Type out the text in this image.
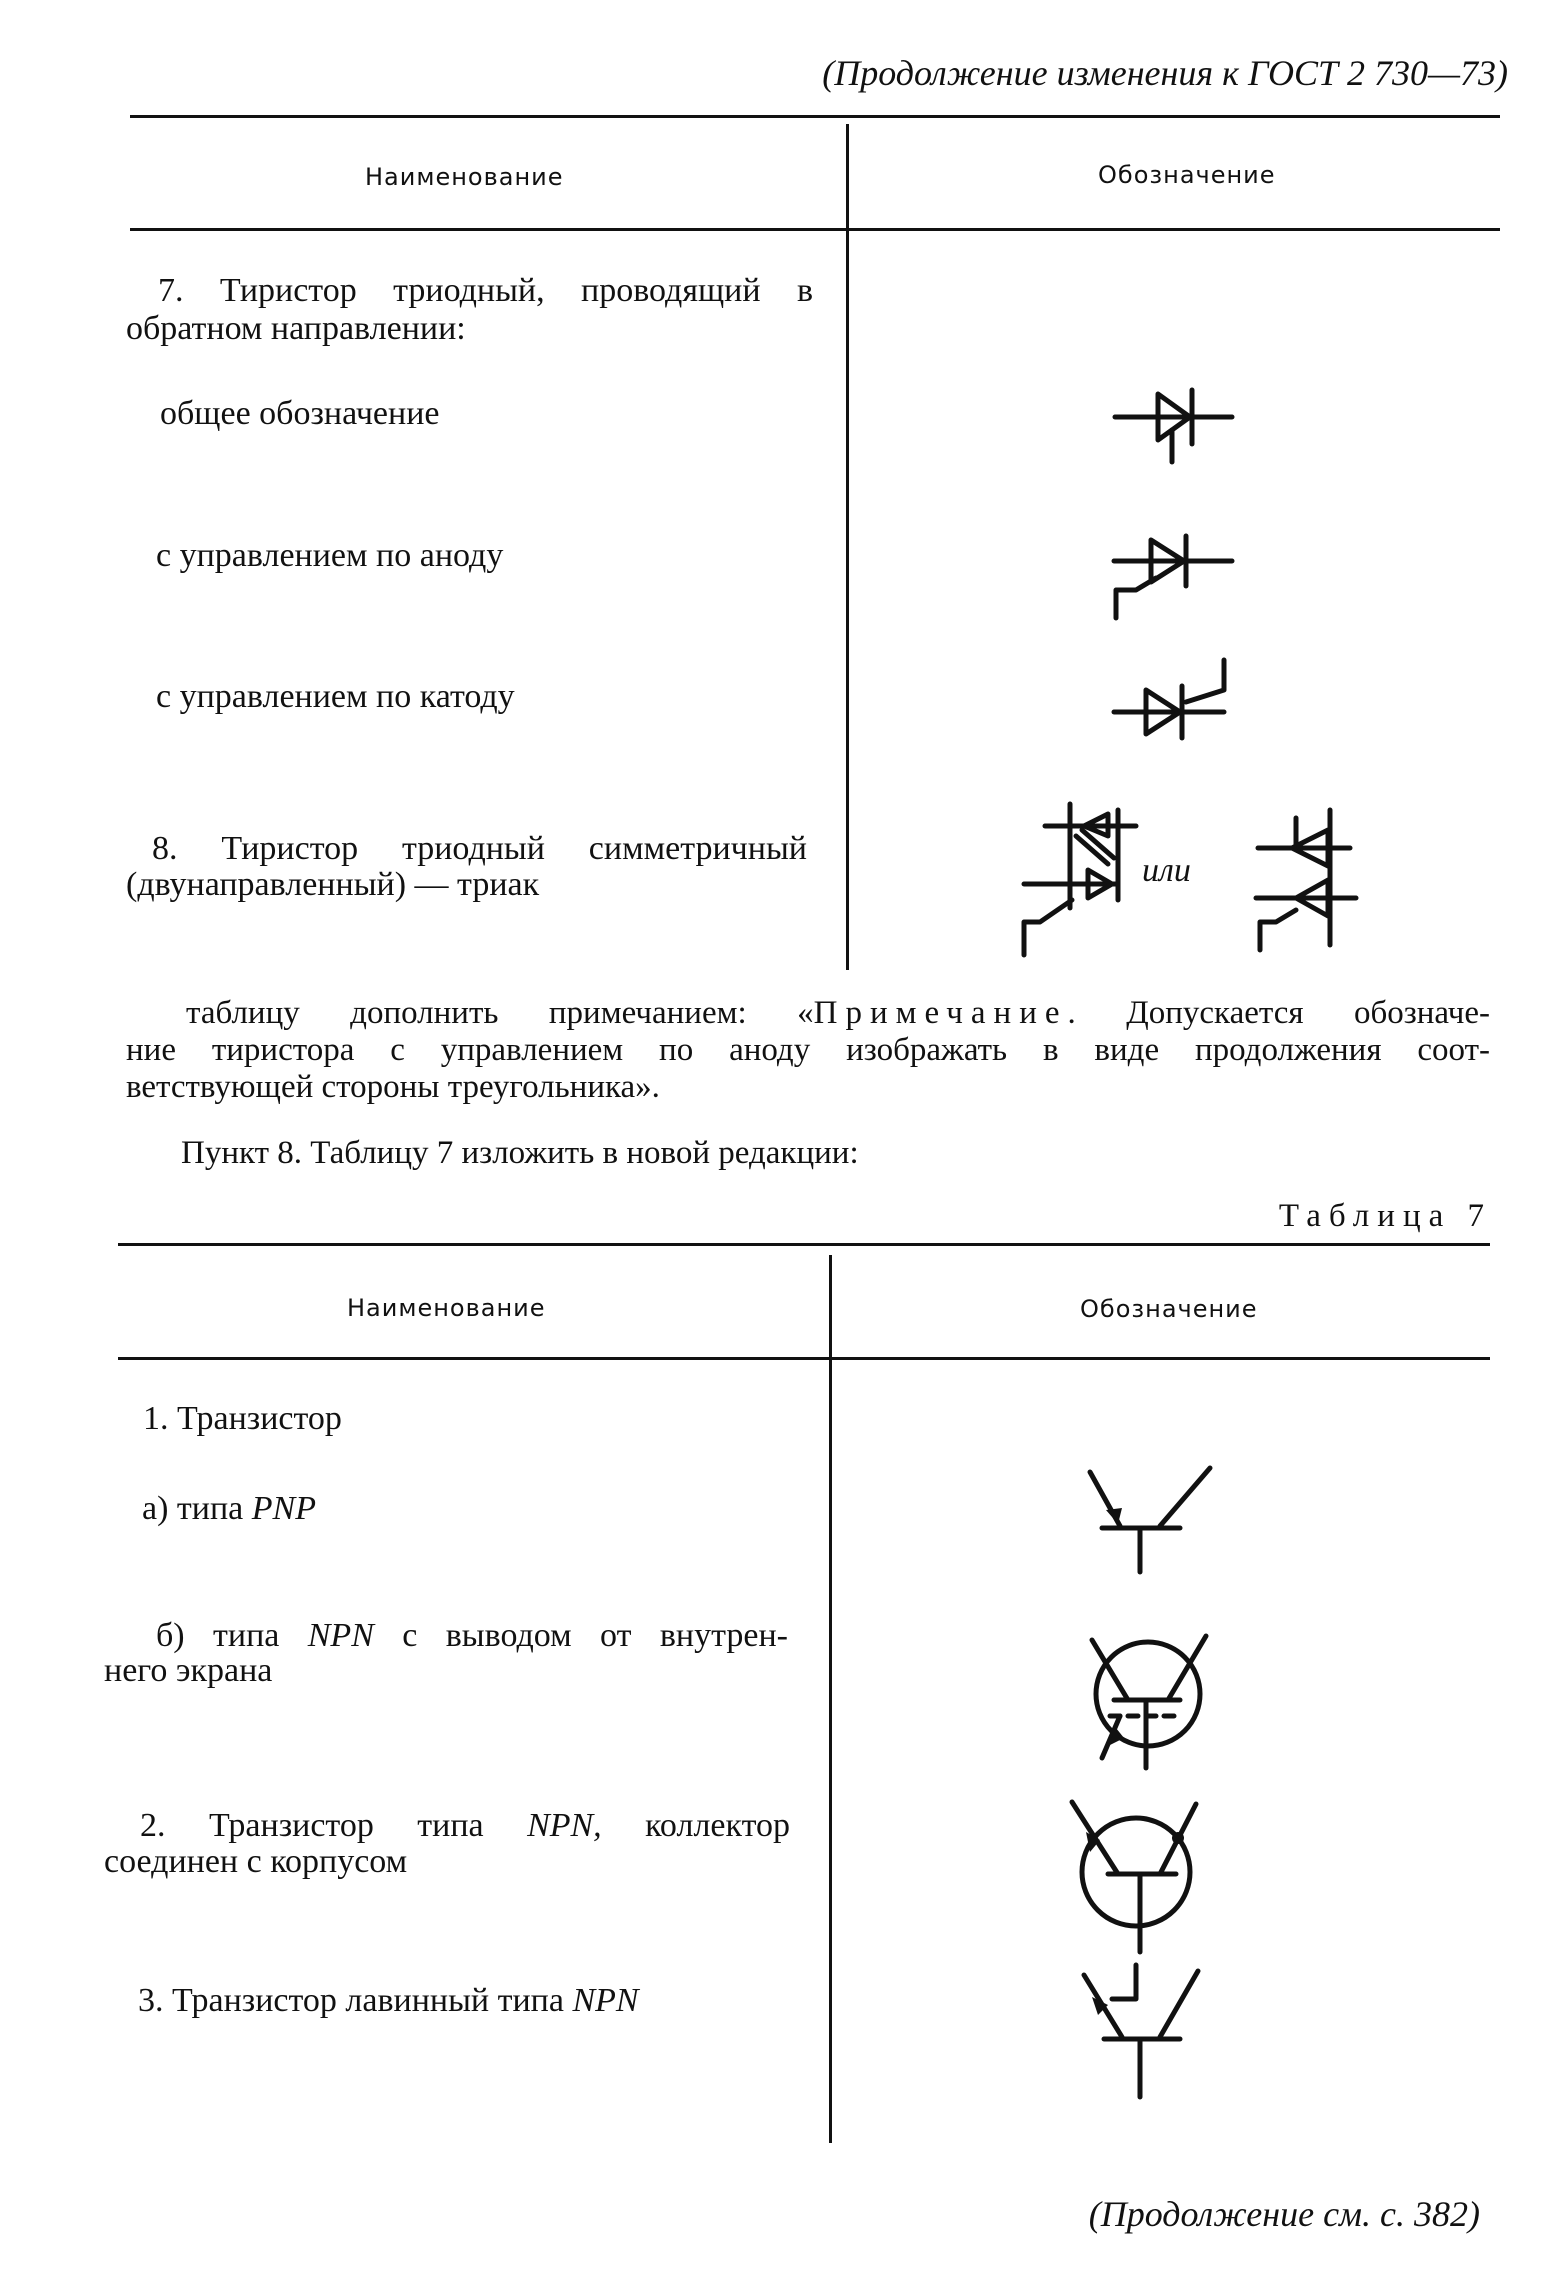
(Продолжение изменения к ГОСТ 2 730—73)
Наименование	Обозначение
7. Тиристор триодный, проводящий в
обратном направлении:
общее обозначение
с управлением по аноду
с управлением по катоду
8. Тиристор триодный симметричный
(двунаправленный) — триак	или
таблицу дополнить примечанием: «Примечание. Допускается обозначе-
ние тиристора с управлением по аноду изображать в виде продолжения соот-
ветствующей стороны треугольника».
Пункт 8. Таблицу 7 изложить в новой редакции:
Таблица 7
Наименование	Обозначение
1. Транзистор
а) типа PNP
б) типа NPN с выводом от внутрен-
него экрана
2. Транзистор типа NPN, коллектор
соединен с корпусом
3. Транзистор лавинный типа NPN
(Продолжение см. с. 382)
